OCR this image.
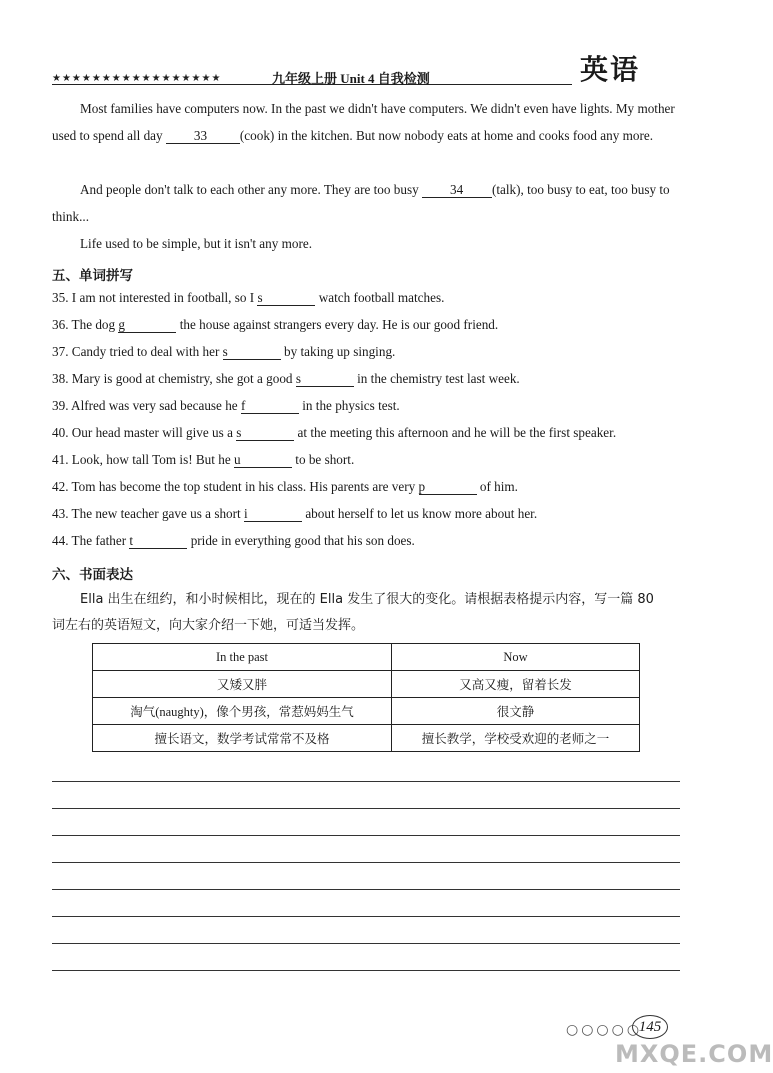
★★★★★★★★★★★★★★★★★	九年级上册 Unit 4 自我检测	英语
Most families have computers now. In the past we didn't have computers. We didn't even have lights. My mother used to spend all day 33 (cook) in the kitchen. But now nobody eats at home and cooks food any more.
And people don't talk to each other any more. They are too busy 34 (talk), too busy to eat, too busy to think...
Life used to be simple, but it isn't any more.
五、单词拼写
35. I am not interested in football, so I s	watch football matches.
36. The dog g	the house against strangers every day. He is our good friend.
37. Candy tried to deal with her s	by taking up singing.
38. Mary is good at chemistry, she got a good s	in the chemistry test last week.
39. Alfred was very sad because he f	in the physics test.
40. Our head master will give us a s	at the meeting this afternoon and he will be the first speaker.
41. Look, how tall Tom is! But he u	to be short.
42. Tom has become the top student in his class. His parents are very p	of him.
43. The new teacher gave us a short i	about herself to let us know more about her.
44. The father t	pride in everything good that his son does.
六、书面表达
Ella 出生在纽约，和小时候相比，现在的 Ella 发生了很大的变化。请根据表格提示内容，写一篇 80
词左右的英语短文，向大家介绍一下她，可适当发挥。
In the past	Now
又矮又胖	又高又瘦，留着长发
淘气(naughty)，像个男孩，常惹妈妈生气	很文静
擅长语文，数学考试常常不及格	擅长教学，学校受欢迎的老师之一
○○○○○
145
MXQE.COM
